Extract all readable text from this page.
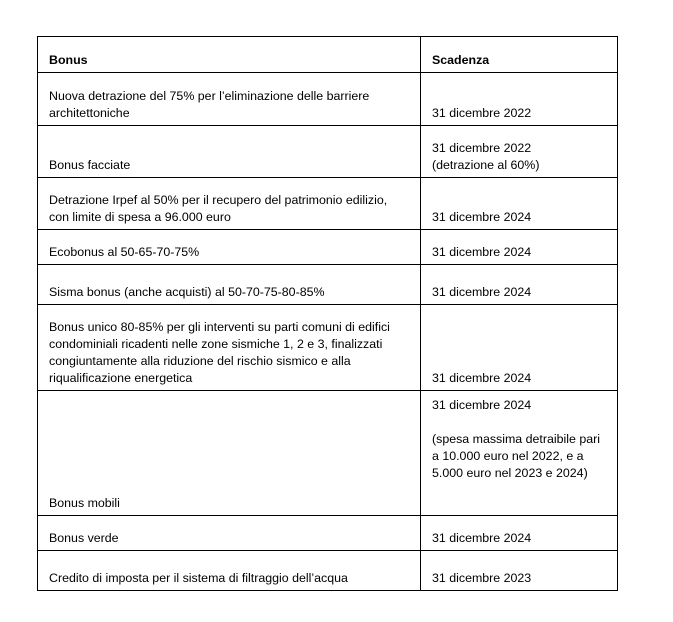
Bonus	Scadenza
Nuova detrazione del 75% per l’eliminazione delle barriere architettoniche	31 dicembre 2022
Bonus facciate	31 dicembre 2022
(detrazione al 60%)
Detrazione Irpef al 50% per il recupero del patrimonio edilizio, con limite di spesa a 96.000 euro	31 dicembre 2024
Ecobonus al 50-65-70-75%	31 dicembre 2024
Sisma bonus (anche acquisti) al 50-70-75-80-85%	31 dicembre 2024
Bonus unico 80-85% per gli interventi su parti comuni di edifici condominiali ricadenti nelle zone sismiche 1, 2 e 3, finalizzati congiuntamente alla riduzione del rischio sismico e alla riqualificazione energetica	31 dicembre 2024
Bonus mobili	31 dicembre 2024
(spesa massima detraibile pari a 10.000 euro nel 2022, e a 5.000 euro nel 2023 e 2024)
Bonus verde	31 dicembre 2024
Credito di imposta per il sistema di filtraggio dell’acqua	31 dicembre 2023
